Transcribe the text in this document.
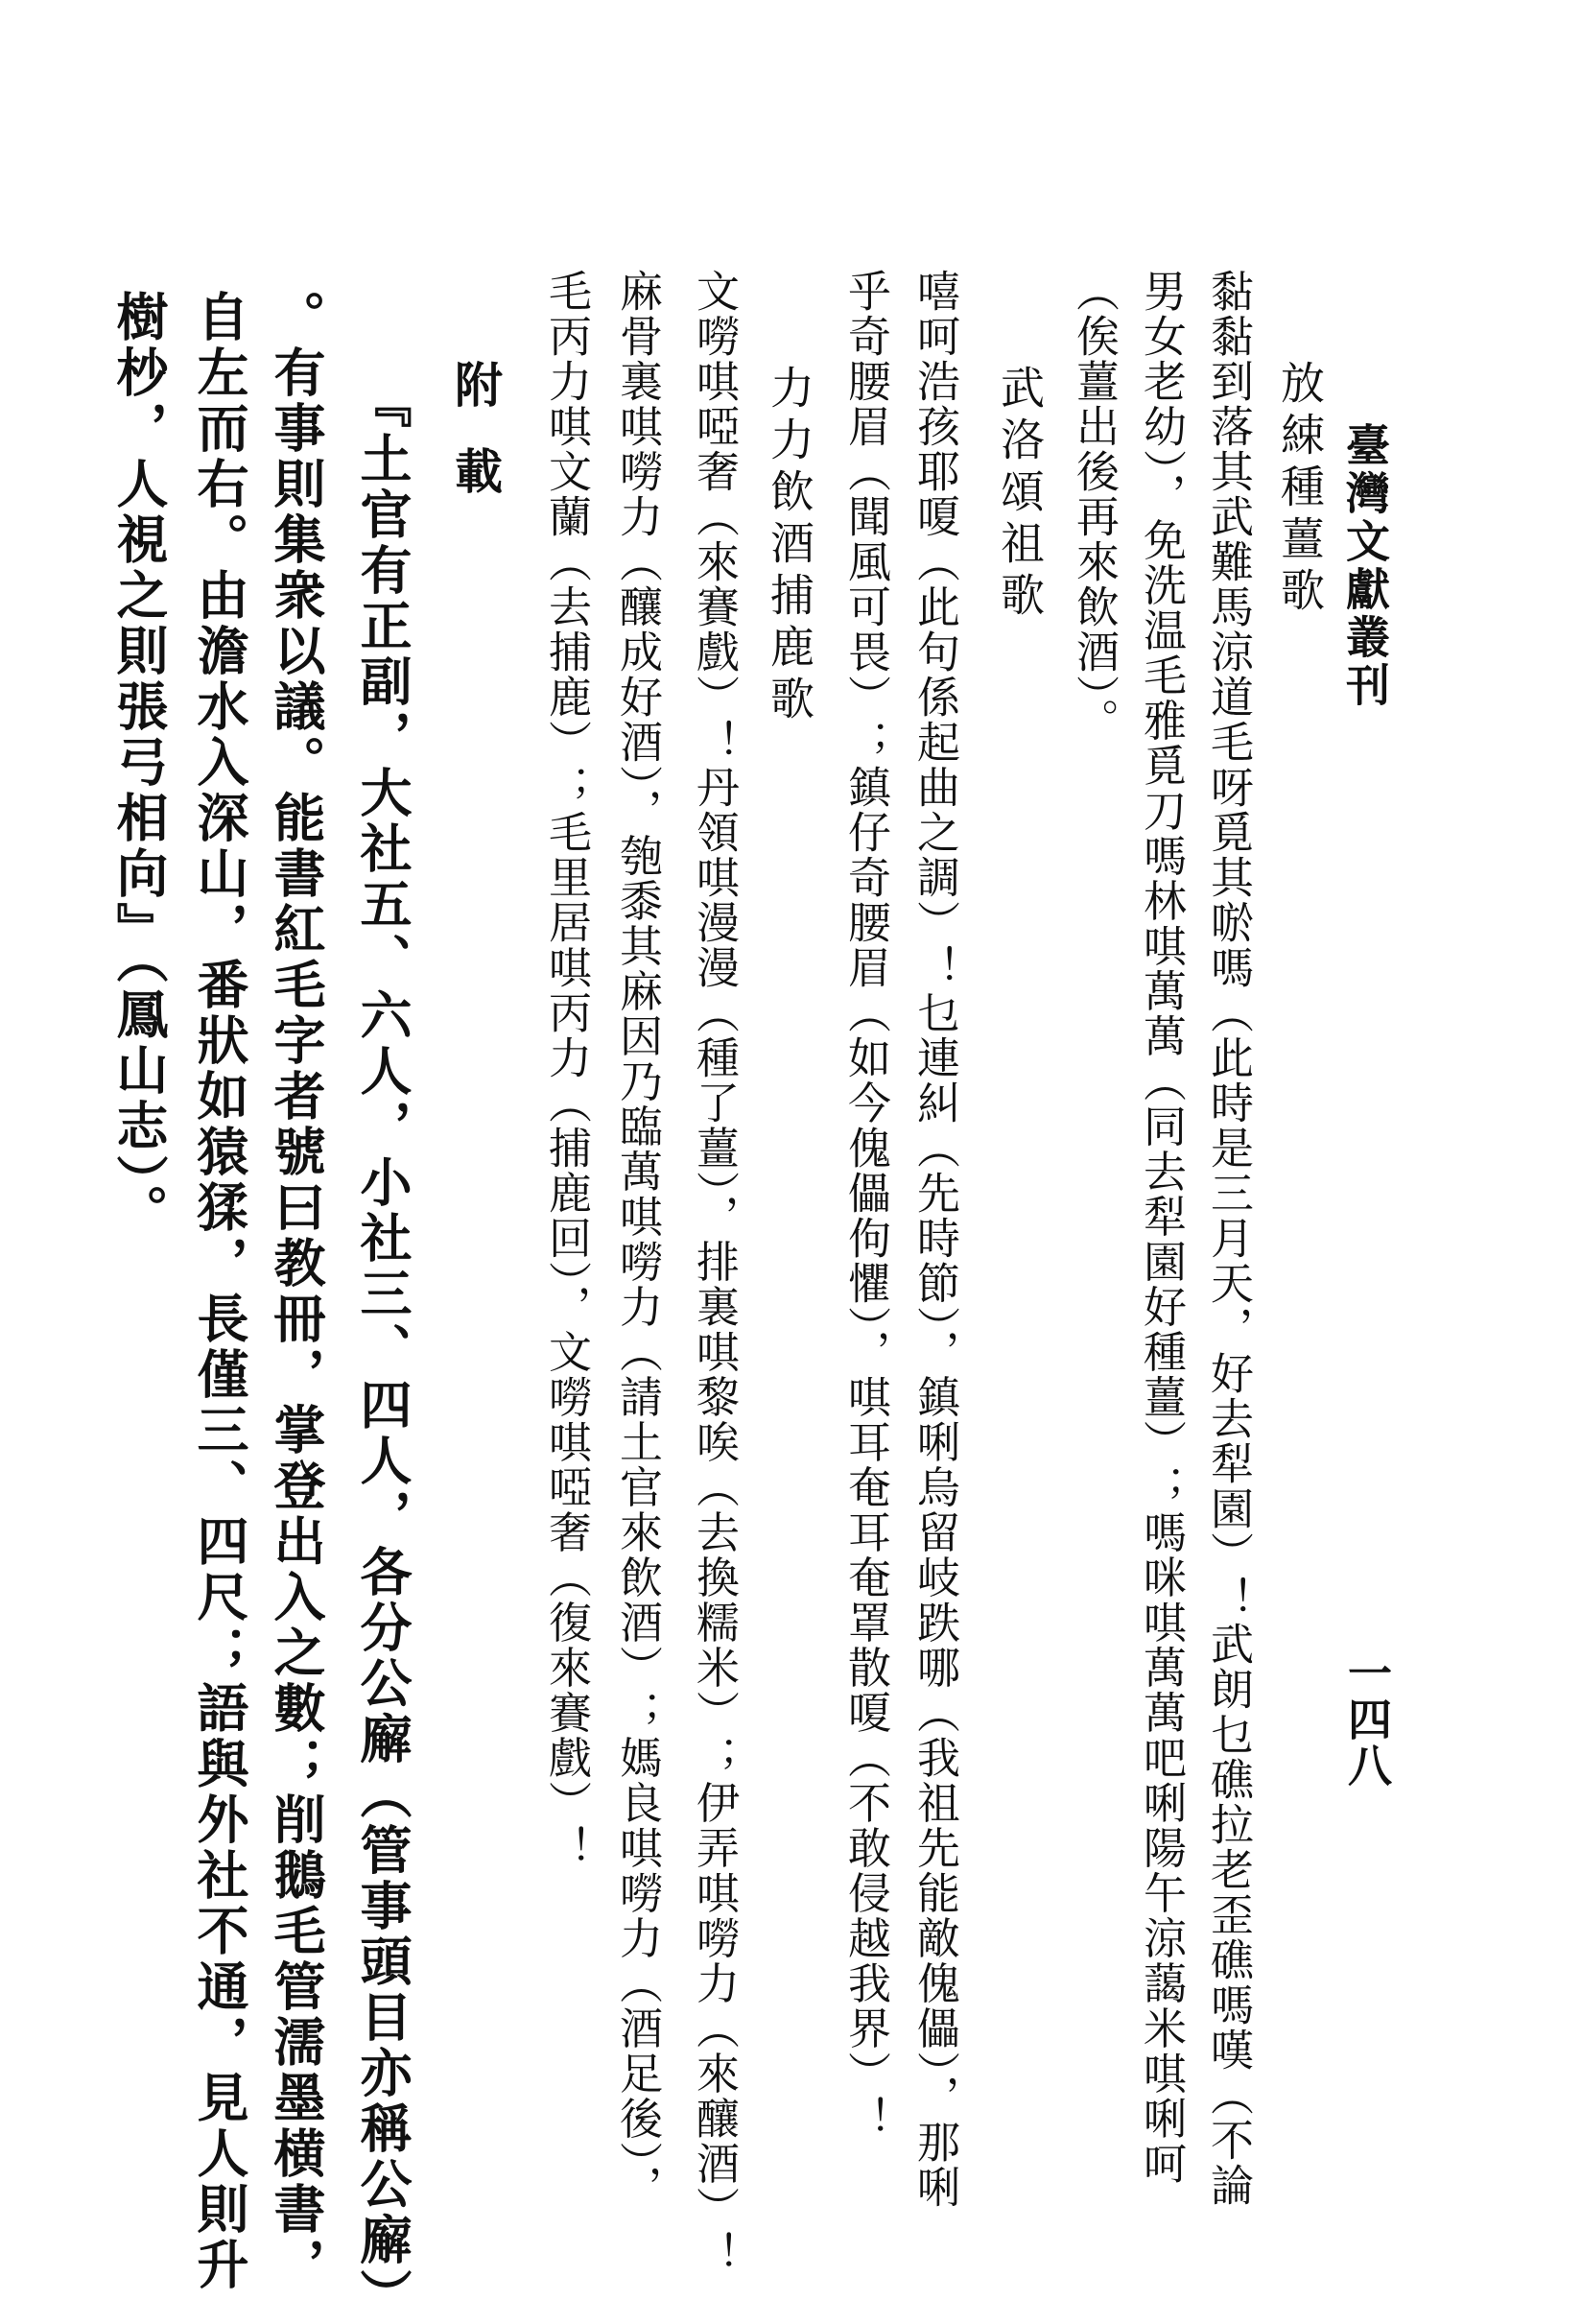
臺灣文獻叢刊
一四八
放綀種薑歌
黏黏到落其武難馬涼道毛呀覓其唹嗎（此時是三月天，好去犁園）！武朗乜礁拉老歪礁嗎嘆（不論
男女老幼），免洗温毛雅覓刀嗎林唭萬萬（同去犁園好種薑）；嗎咪唭萬萬吧唎陽午涼藹米唭唎呵
（俟薑出後再來飲酒）。
武洛頌祖歌
嘻呵浩孩耶嗄（此句係起曲之調）！乜連糾（先時節），鎮唎烏留岐跌哪（我祖先能敵傀儡），那唎
乎奇腰眉（聞風可畏）；鎮仔奇腰眉（如今傀儡佝懼），唭耳奄耳奄罩散嗄（不敢侵越我界）！
力力飲酒捕鹿歌
文嘮唭啞奢（來賽戲）！丹領唭漫漫（種了薑），排裏唭黎唉（去換糯米）；伊弄唭嘮力（來釀酒）！
麻骨裏唭嘮力（釀成好酒），匏黍其麻因乃臨萬唭嘮力（請土官來飲酒）；媽良唭嘮力（酒足後），
毛丙力唭文蘭（去捕鹿）；毛里居唭丙力（捕鹿回），文嘮唭啞奢（復來賽戲）！
附載
『土官有正副，大社五、六人，小社三、四人，各分公廨（管事頭目亦稱公廨）
。有事則集衆以議。能書紅毛字者號曰教冊，掌登出入之數；削鵝毛管濡墨横書，
自左而右。由澹水入深山，番狀如猿猱，長僅三、四尺；語與外社不通，見人則升
樹杪，人視之則張弓相向』（鳳山志）。
